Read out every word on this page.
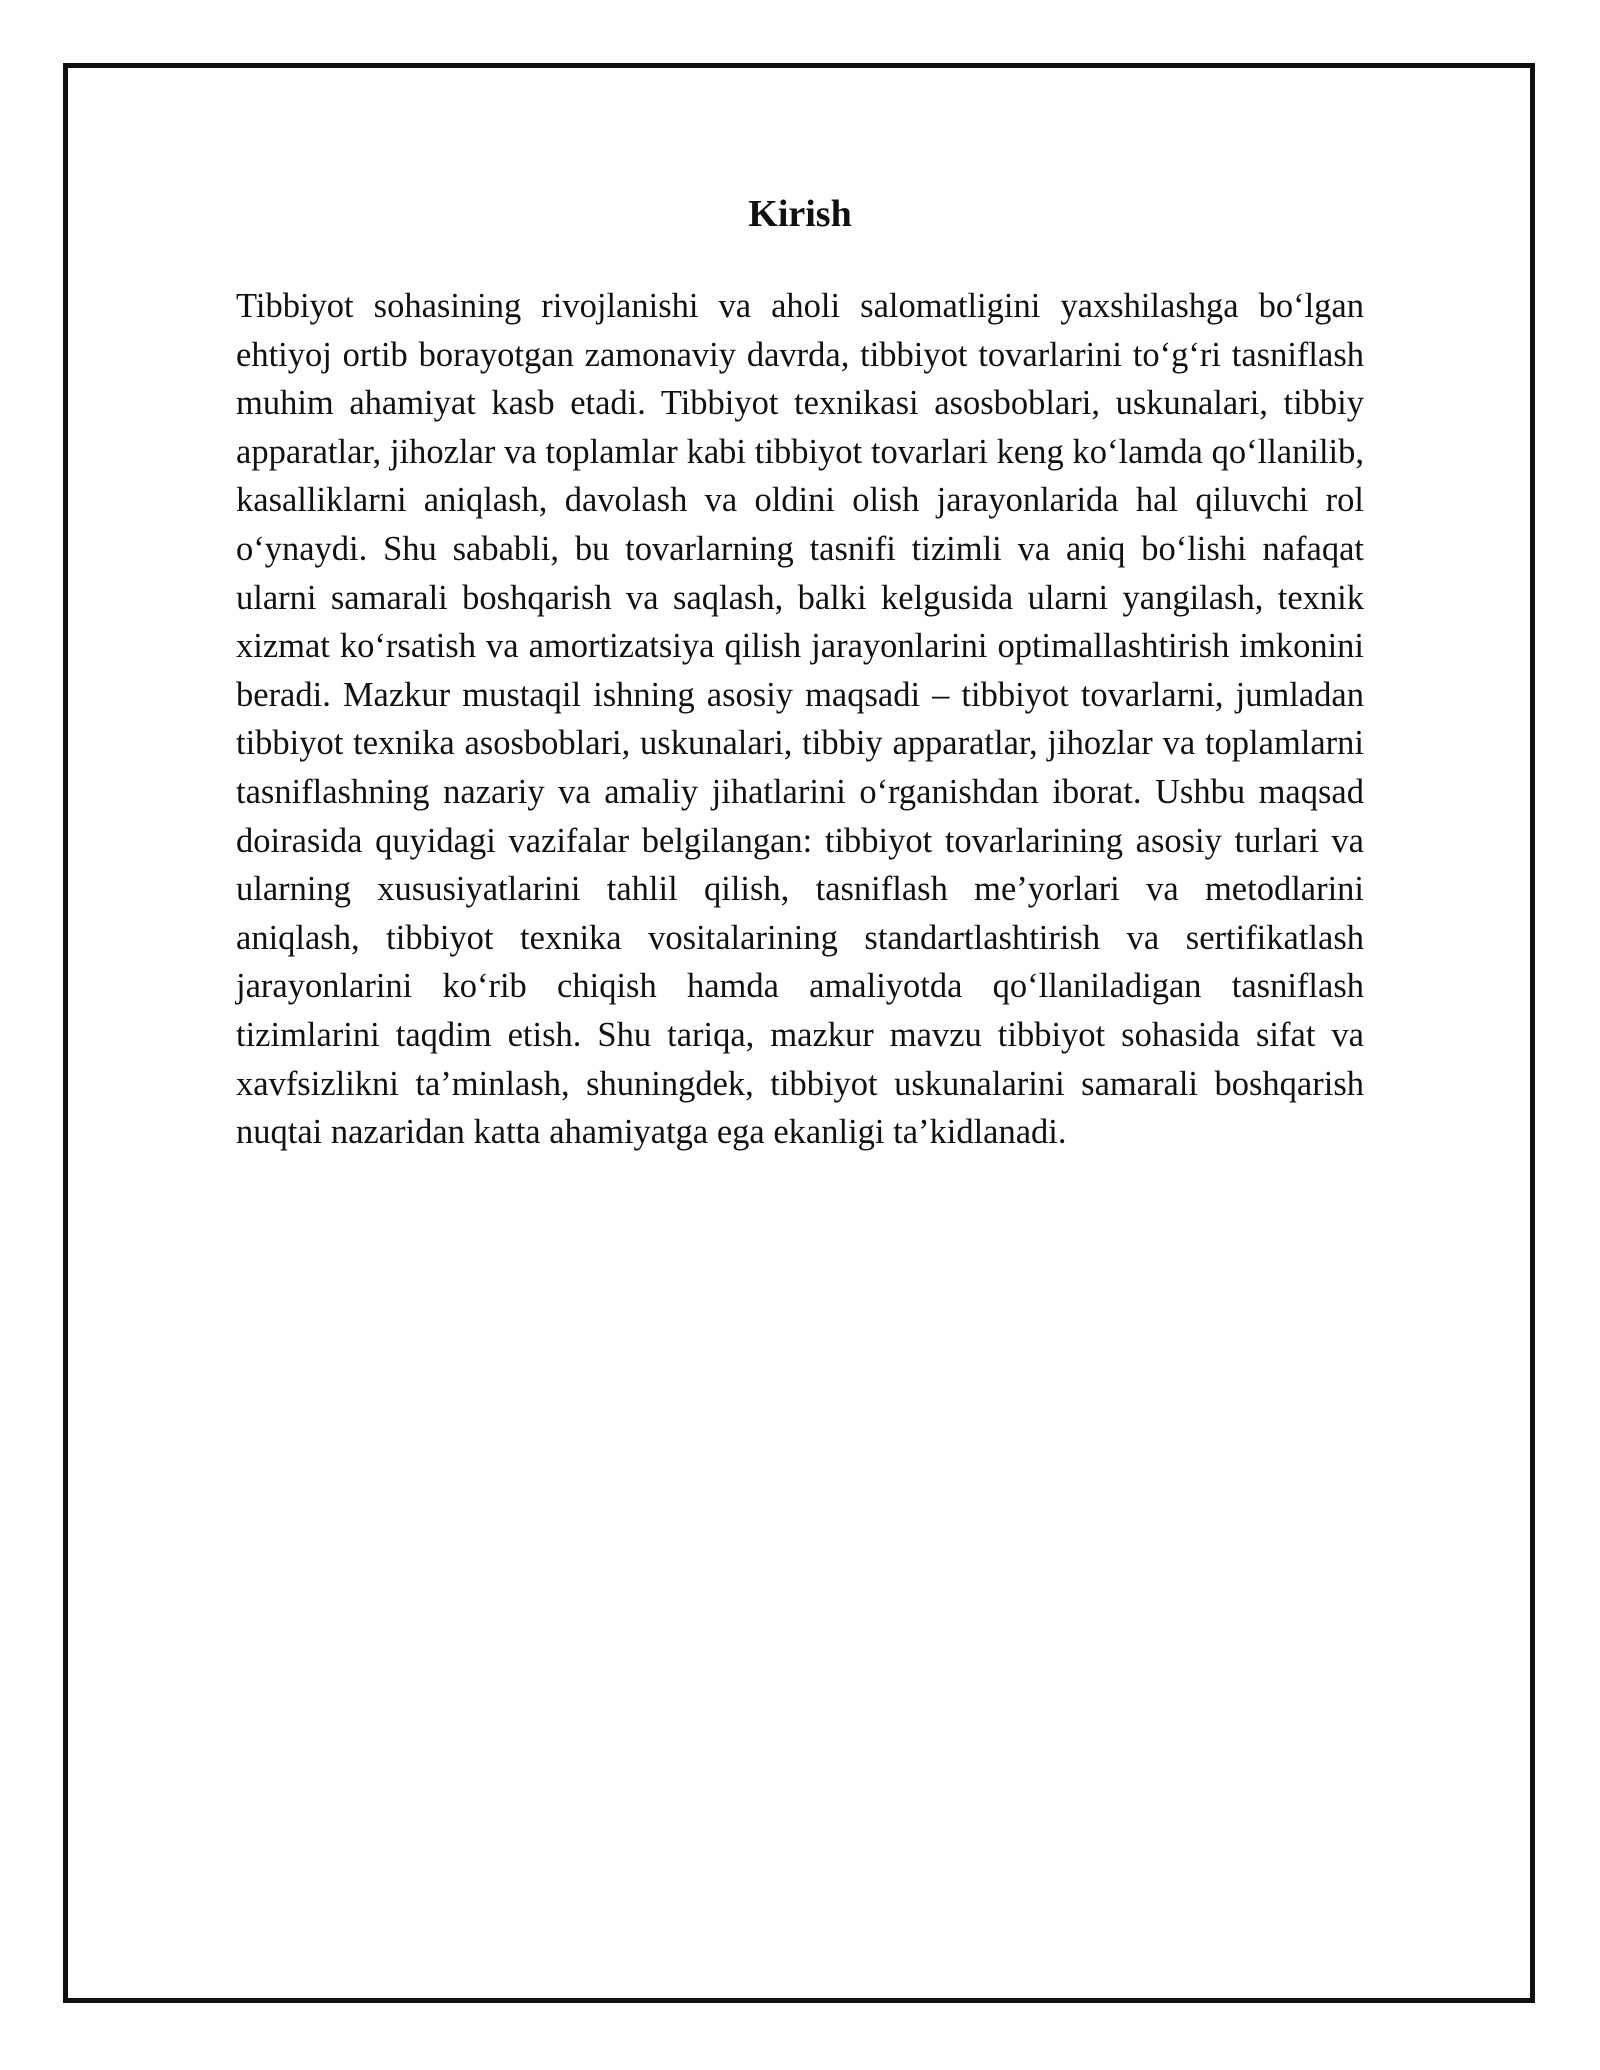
Kirish

Tibbiyot sohasining rivojlanishi va aholi salomatligini yaxshilashga bo‘lgan ehtiyoj ortib borayotgan zamonaviy davrda, tibbiyot tovarlarini to‘g‘ri tasniflash muhim ahamiyat kasb etadi. Tibbiyot texnikasi asosboblari, uskunalari, tibbiy apparatlar, jihozlar va toplamlar kabi tibbiyot tovarlari keng ko‘lamda qo‘llanilib, kasalliklarni aniqlash, davolash va oldini olish jarayonlarida hal qiluvchi rol o‘ynaydi. Shu sababli, bu tovarlarning tasnifi tizimli va aniq bo‘lishi nafaqat ularni samarali boshqarish va saqlash, balki kelgusida ularni yangilash, texnik xizmat ko‘rsatish va amortizatsiya qilish jarayonlarini optimallashtirish imkonini beradi. Mazkur mustaqil ishning asosiy maqsadi – tibbiyot tovarlarni, jumladan tibbiyot texnika asosboblari, uskunalari, tibbiy apparatlar, jihozlar va toplamlarni tasniflashning nazariy va amaliy jihatlarini o‘rganishdan iborat. Ushbu maqsad doirasida quyidagi vazifalar belgilangan: tibbiyot tovarlarining asosiy turlari va ularning xususiyatlarini tahlil qilish, tasniflash me’yorlari va metodlarini aniqlash, tibbiyot texnika vositalarining standartlashtirish va sertifikatlash jarayonlarini ko‘rib chiqish hamda amaliyotda qo‘llaniladigan tasniflash tizimlarini taqdim etish. Shu tariqa, mazkur mavzu tibbiyot sohasida sifat va xavfsizlikni ta’minlash, shuningdek, tibbiyot uskunalarini samarali boshqarish nuqtai nazaridan katta ahamiyatga ega ekanligi ta’kidlanadi.
